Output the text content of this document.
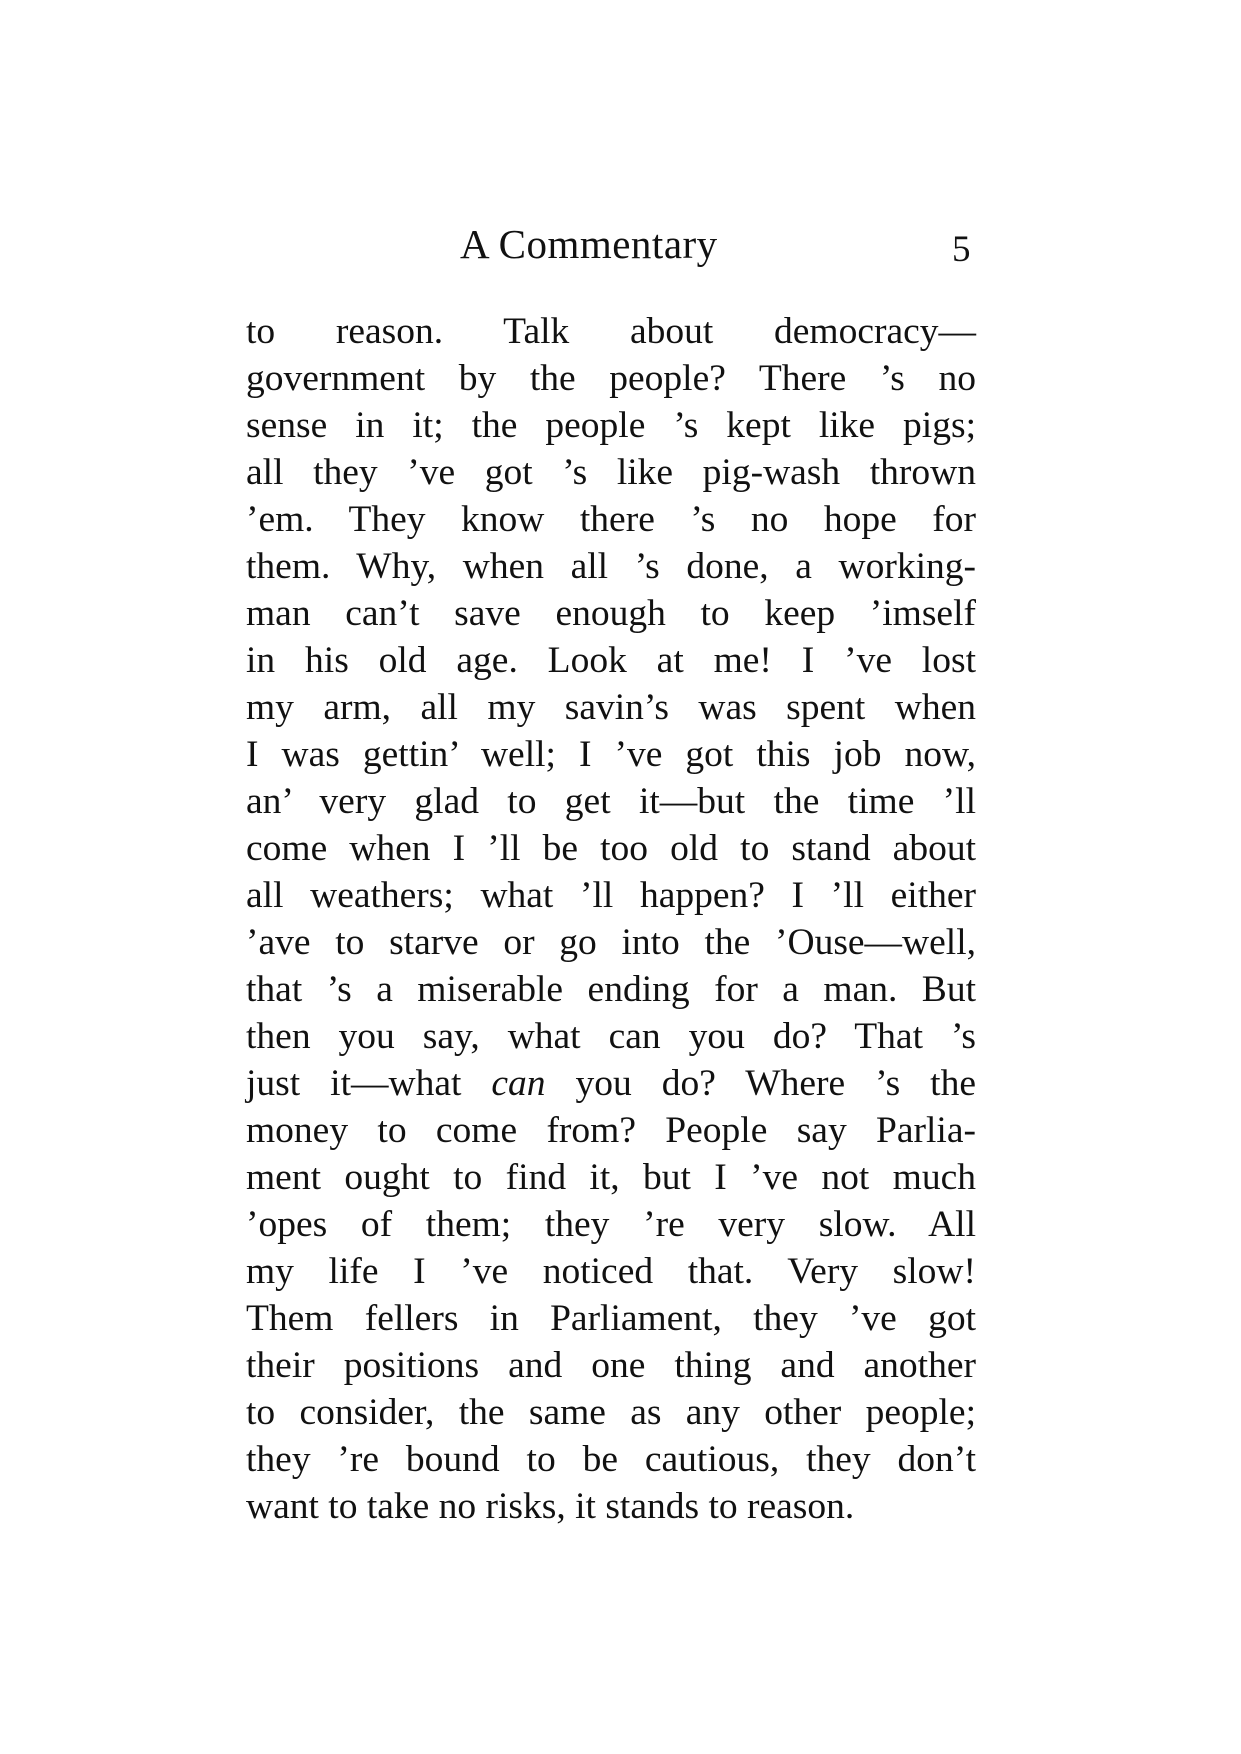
A Commentary	5
to reason. Talk about democracy—
government by the people? There ’s no
sense in it; the people ’s kept like pigs;
all they ’ve got ’s like pig-wash thrown
’em. They know there ’s no hope for
them. Why, when all ’s done, a working-
man can’t save enough to keep ’imself
in his old age. Look at me! I ’ve lost
my arm, all my savin’s was spent when
I was gettin’ well; I ’ve got this job now,
an’ very glad to get it—but the time ’ll
come when I ’ll be too old to stand about
all weathers; what ’ll happen? I ’ll either
’ave to starve or go into the ’Ouse—well,
that ’s a miserable ending for a man. But
then you say, what can you do? That ’s
just it—what can you do? Where ’s the
money to come from? People say Parlia-
ment ought to find it, but I ’ve not much
’opes of them; they ’re very slow. All
my life I ’ve noticed that. Very slow!
Them fellers in Parliament, they ’ve got
their positions and one thing and another
to consider, the same as any other people;
they ’re bound to be cautious, they don’t
want to take no risks, it stands to reason.
